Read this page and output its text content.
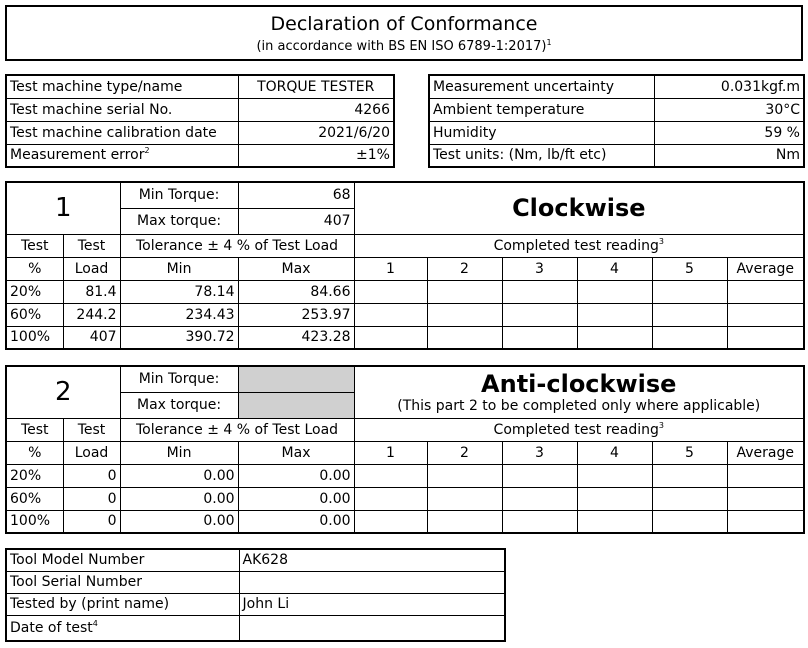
Declaration of Conformance
(in accordance with BS EN ISO 6789-1:2017)$^1$
Test machine type/name	TORQUE TESTER
Test machine serial No.	4266
Test machine calibration date	2021/6/20
Measurement error$^2$	±1%
Measurement uncertainty	0.031kgf.m
Ambient temperature	30°C
Humidity	59 %
Test units: (Nm, lb/ft etc)	Nm
1		Min Torque:	68	Clockwise					

		Max torque:	407						
Test	Test	Tolerance ± 4 % of Test Load		Completed test reading$^3$
%	Load	Min	Max	1	2	3	4	5	Average
20%	81.4	78.14	84.66						
60%	244.2	234.43	253.97						
100%	407	390.72	423.28						
2		Min Torque:		Anti-clockwise
(This part 2 to be completed only where applicable)					

		Max torque:							
Test	Test	Tolerance ± 4 % of Test Load		Completed test reading$^3$
%	Load	Min	Max	1	2	3	4	5	Average
20%	0	0.00	0.00						
60%	0	0.00	0.00						
100%	0	0.00	0.00						
Tool Model Number	AK628
Tool Serial Number	
Tested by (print name)	John Li
Date of test$^4$	
